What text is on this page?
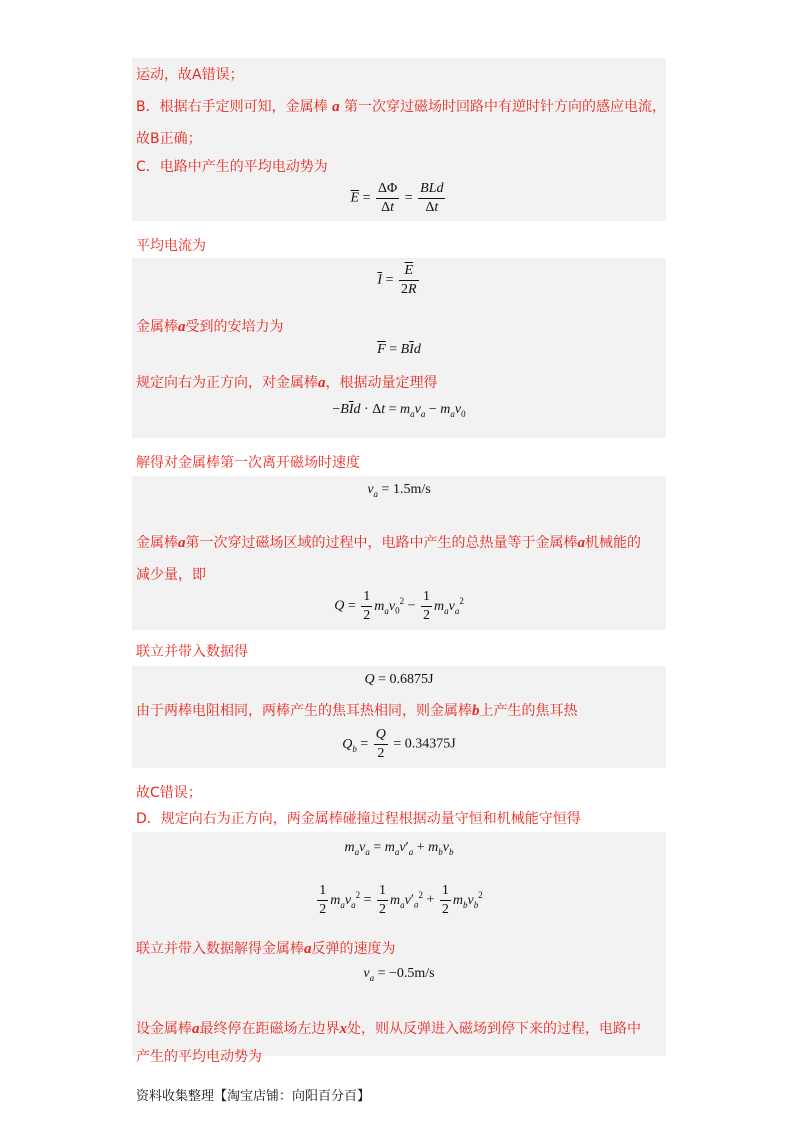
运动，故A错误；
B．根据右手定则可知，金属棒 a 第一次穿过磁场时回路中有逆时针方向的感应电流，
故B正确；
C．电路中产生的平均电动势为
$\overline{E} = \frac{\Delta\Phi}{\Delta t} = \frac{\text{BLd}}{\Delta t}$
平均电流为
$\overline{I} = \frac{\overline{E}}{2R}$
金属棒a受到的安培力为
$\overline{F} = B\overline{I}d$
规定向右为正方向，对金属棒a，根据动量定理得
$-B\overline{I}d \cdot \Delta t = m_av_a - m_av_0$
解得对金属棒第一次离开磁场时速度
$v_a = 1.5m/s$
金属棒a第一次穿过磁场区域的过程中，电路中产生的总热量等于金属棒a机械能的
减少量，即
$Q = \frac{1}{2} m_av_0^2 - \frac{1}{2} m_av_a^2$
联立并带入数据得
Q = 0.6875J
由于两棒电阻相同，两棒产生的焦耳热相同，则金属棒b上产生的焦耳热
$Q_b = \frac{Q}{2} = 0.34375J$
故C错误；
D．规定向右为正方向，两金属棒碰撞过程根据动量守恒和机械能守恒得
$m_av_a = m_av'_a + m_bv_b$
$\frac{1}{2} m_av_a^2 = \frac{1}{2} m_av'_a^2 + \frac{1}{2} m_bv_b^2$
联立并带入数据解得金属棒a反弹的速度为
$v_a = -0.5m/s$
设金属棒a最终停在距磁场左边界x处，则从反弹进入磁场到停下来的过程，电路中
产生的平均电动势为
资料收集整理【淘宝店铺：向阳百分百】
